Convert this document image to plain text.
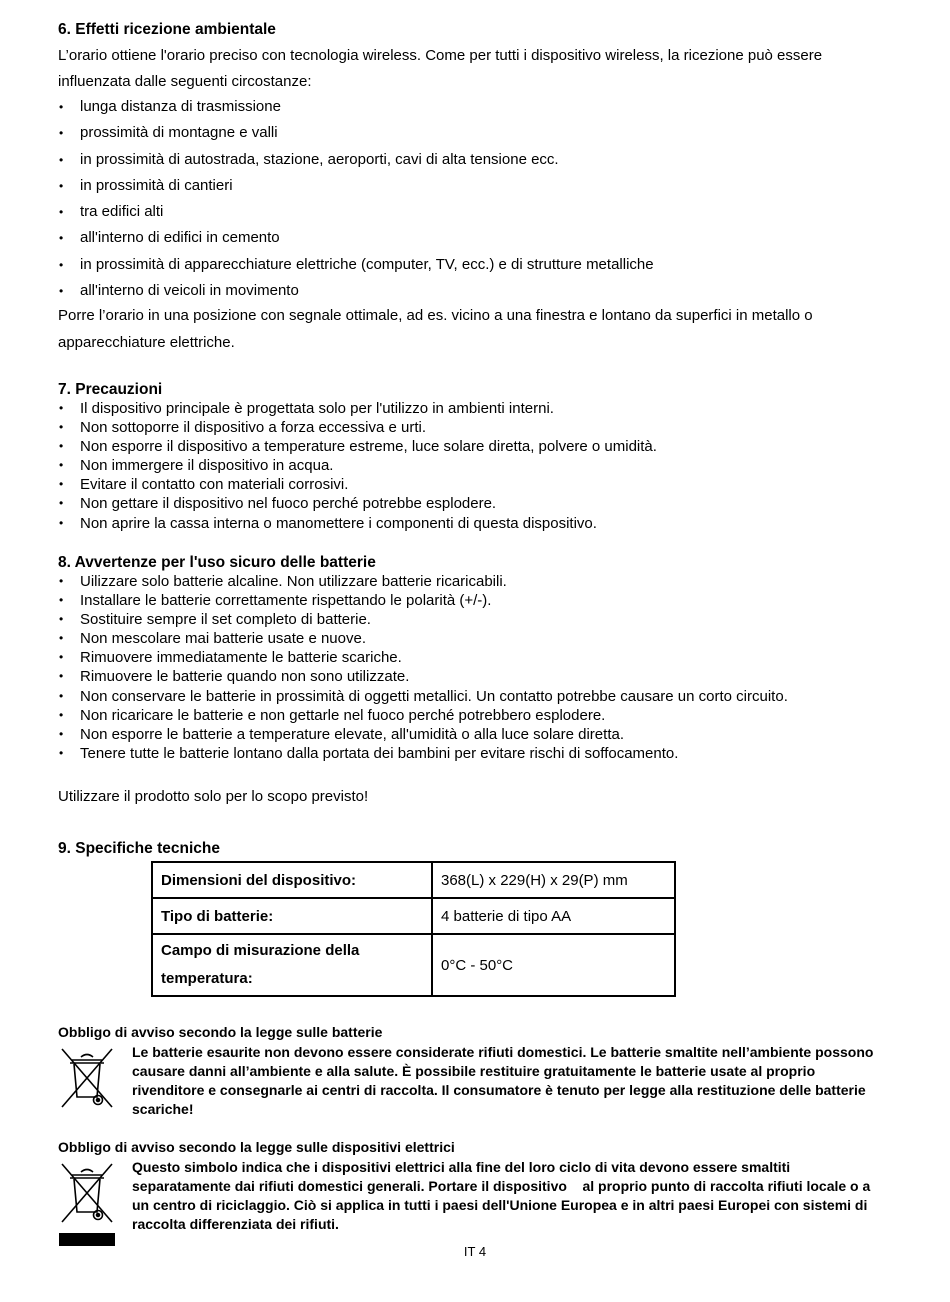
6. Effetti ricezione ambientale

L’orario ottiene l'orario preciso con tecnologia wireless. Come per tutti i dispositivo wireless, la ricezione può essere

influenzata dalle seguenti circostanze:

• lunga distanza di trasmissione
• prossimità di montagne e valli
• in prossimità di autostrada, stazione, aeroporti, cavi di alta tensione ecc.
• in prossimità di cantieri
• tra edifici alti
• all'interno di edifici in cemento
• in prossimità di apparecchiature elettriche (computer, TV, ecc.) e di strutture metalliche
• all'interno di veicoli in movimento

Porre l’orario in una posizione con segnale ottimale, ad es. vicino a una finestra e lontano da superfici in metallo o

apparecchiature elettriche.

7. Precauzioni
• Il dispositivo principale è progettata solo per l'utilizzo in ambienti interni.
• Non sottoporre il dispositivo a forza eccessiva e urti.
• Non esporre il dispositivo a temperature estreme, luce solare diretta, polvere o umidità.
• Non immergere il dispositivo in acqua.
• Evitare il contatto con materiali corrosivi.
• Non gettare il dispositivo nel fuoco perché potrebbe esplodere.
• Non aprire la cassa interna o manomettere i componenti di questa dispositivo.
8. Avvertenze per l'uso sicuro delle batterie
• Uilizzare solo batterie alcaline. Non utilizzare batterie ricaricabili.
• Installare le batterie correttamente rispettando le polarità (+/-).
• Sostituire sempre il set completo di batterie.
• Non mescolare mai batterie usate e nuove.
• Rimuovere immediatamente le batterie scariche.
• Rimuovere le batterie quando non sono utilizzate.
• Non conservare le batterie in prossimità di oggetti metallici. Un contatto potrebbe causare un corto circuito.
• Non ricaricare le batterie e non gettarle nel fuoco perché potrebbero esplodere.
• Non esporre le batterie a temperature elevate, all'umidità o alla luce solare diretta.
• Tenere tutte le batterie lontano dalla portata dei bambini per evitare rischi di soffocamento.

Utilizzare il prodotto solo per lo scopo previsto!

9. Specifiche tecniche
Dimensioni del dispositivo:	368(L) x 229(H) x 29(P) mm
Tipo di batterie:	4 batterie di tipo AA
Campo di misurazione della
temperatura:	0°C - 50°C
Obbligo di avviso secondo la legge sulle batterie

Le batterie esaurite non devono essere considerate rifiuti domestici. Le batterie smaltite nell’ambiente possono

causare danni all’ambiente e alla salute. È possibile restituire gratuitamente le batterie usate al proprio

rivenditore e consegnarle ai centri di raccolta. Il consumatore è tenuto per legge alla restituzione delle batterie

scariche!

Obbligo di avviso secondo la legge sulle dispositivi elettrici

Questo simbolo indica che i dispositivi elettrici alla fine del loro ciclo di vita devono essere smaltiti

separatamente dai rifiuti domestici generali. Portare il dispositivo    al proprio punto di raccolta rifiuti locale o a

un centro di riciclaggio. Ciò si applica in tutti i paesi dell'Unione Europea e in altri paesi Europei con sistemi di

raccolta differenziata dei rifiuti.

IT 4
